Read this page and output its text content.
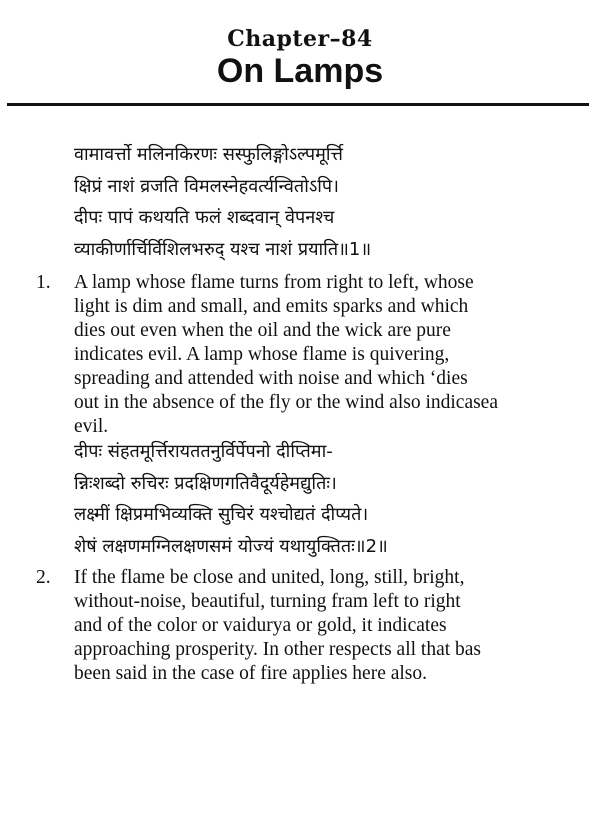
Chapter–84
On Lamps
वामावर्त्तो मलिनकिरणः सस्फुलिङ्गोऽल्पमूर्त्ति
क्षिप्रं नाशं व्रजति विमलस्नेहवर्त्यन्वितोऽपि।
दीपः पापं कथयति फलं शब्दवान् वेपनश्च
व्याकीर्णार्चिर्विशिलभरुद् यश्च नाशं प्रयाति॥1॥
1. A lamp whose flame turns from right to left, whose
light is dim and small, and emits sparks and which
dies out even when the oil and the wick are pure
indicates evil. A lamp whose flame is quivering,
spreading and attended with noise and which ‘dies
out in the absence of the fly or the wind also indicasea
evil.
दीपः संहतमूर्त्तिरायततनुर्विर्पेपनो दीप्तिमा-
न्निःशब्दो रुचिरः प्रदक्षिणगतिवैदूर्यहेमद्युतिः।
लक्ष्मीं क्षिप्रमभिव्यक्ति सुचिरं यश्चोद्यतं दीप्यते।
शेषं लक्षणमग्निलक्षणसमं योज्यं यथायुक्तितः॥2॥
2. If the flame be close and united, long, still, bright,
without-noise, beautiful, turning fram left to right
and of the color or vaidurya or gold, it indicates
approaching prosperity. In other respects all that bas
been said in the case of fire applies here also.
